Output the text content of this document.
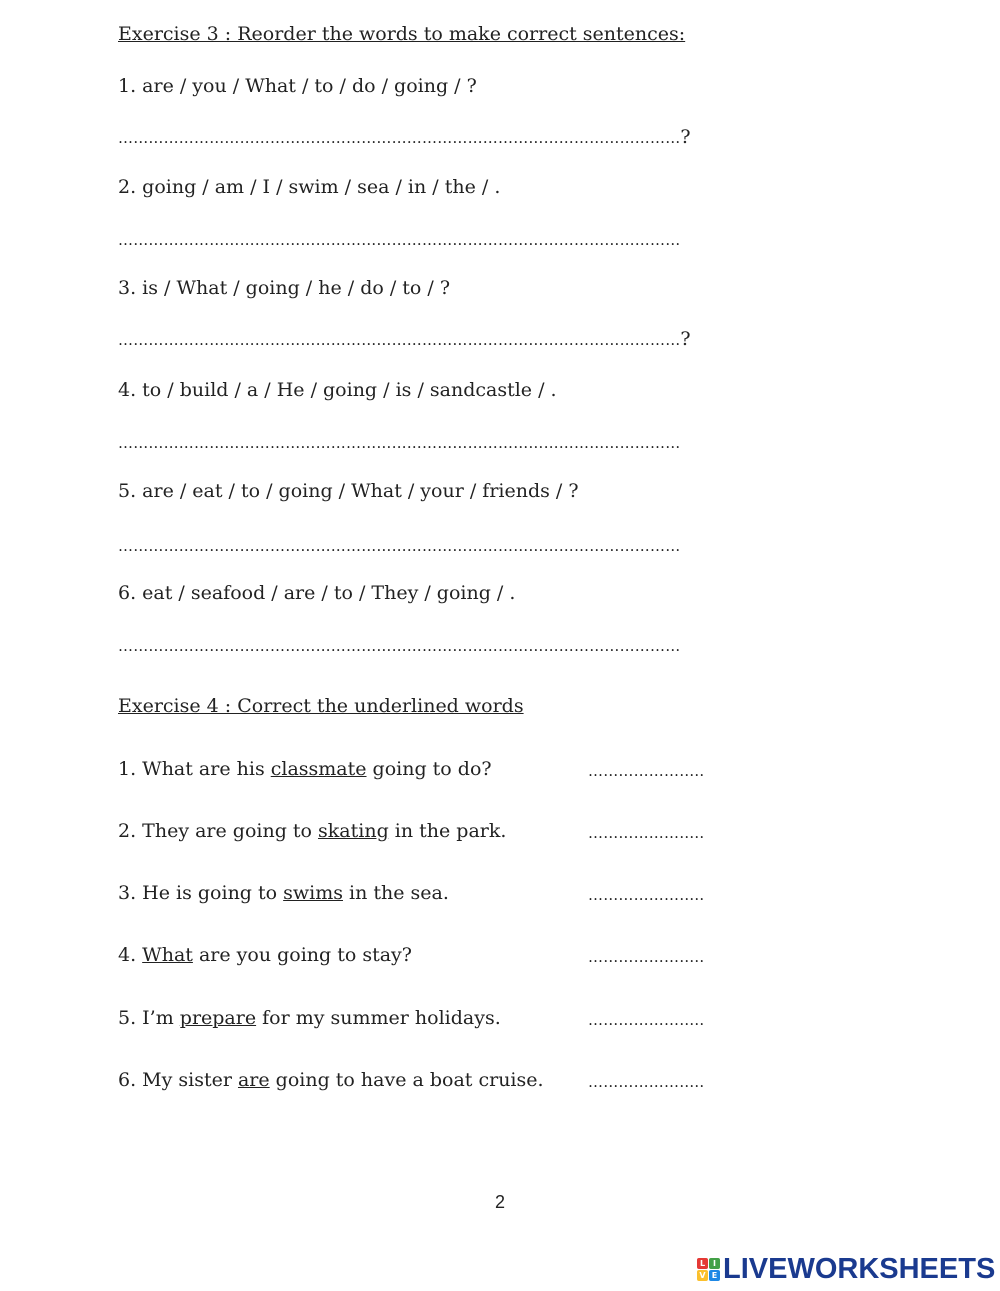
Exercise 3 : Reorder the words to make correct sentences:
1. are / you / What / to / do / going / ?
…………………………………………………………………………………………………?
2. going / am / I / swim / sea / in / the / .
…………………………………………………………………………………………………
3. is / What / going / he / do / to / ?
…………………………………………………………………………………………………?
4. to / build / a / He / going / is / sandcastle / .
…………………………………………………………………………………………………
5. are / eat / to / going / What / your / friends / ?
…………………………………………………………………………………………………
6. eat / seafood / are / to / They / going / .
…………………………………………………………………………………………………
Exercise 4 : Correct the underlined words
1. What are his classmate going to do?	…………………..
2. They are going to skating in the park.	…………………..
3. He is going to swims in the sea.	…………………..
4. What are you going to stay?	…………………..
5. I’m prepare for my summer holidays.	…………………..
6. My sister are going to have a boat cruise.	…………………..
2
L I
V E LIVEWORKSHEETS
